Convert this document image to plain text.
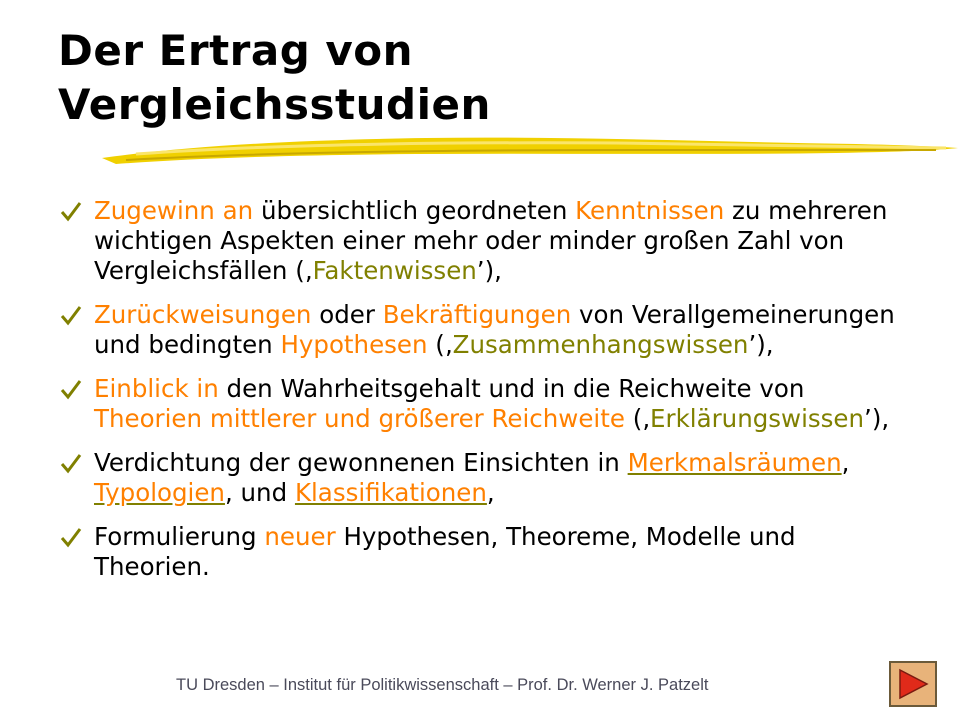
Der Ertrag von
Vergleichsstudien
Zugewinn an übersichtlich geordneten Kenntnissen zu mehreren wichtigen Aspekten einer mehr oder minder großen Zahl von Vergleichsfällen (‚Faktenwissen’),
Zurückweisungen oder Bekräftigungen von Verallgemeinerungen und bedingten Hypothesen (‚Zusammenhangswissen’),
Einblick in den Wahrheitsgehalt und in die Reichweite von Theorien mittlerer und größerer Reichweite (‚Erklärungswissen’),
Verdichtung der gewonnenen Einsichten in Merkmalsräumen, Typologien, und Klassifikationen,
Formulierung neuer Hypothesen, Theoreme, Modelle und Theorien.
TU Dresden – Institut für Politikwissenschaft – Prof. Dr. Werner J. Patzelt
